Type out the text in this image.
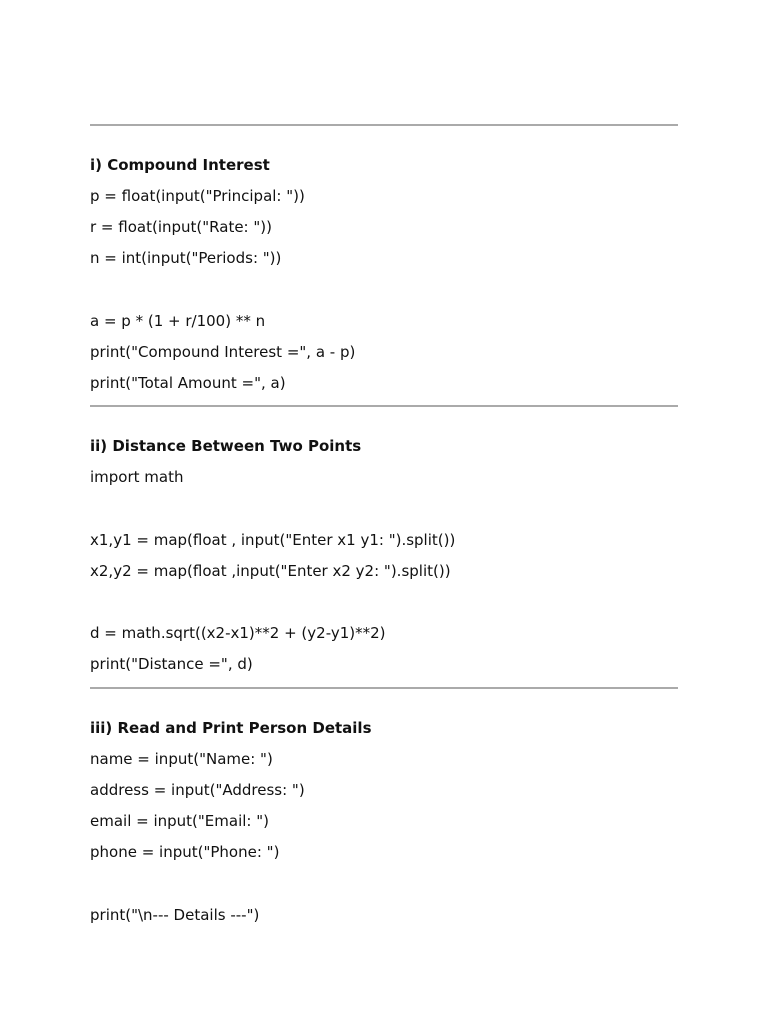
i) Compound Interest
p = float(input("Principal: "))
r = float(input("Rate: "))
n = int(input("Periods: "))
a = p * (1 + r/100) ** n
print("Compound Interest =", a - p)
print("Total Amount =", a)
ii) Distance Between Two Points
import math
x1,y1 = map(float , input("Enter x1 y1: ").split())
x2,y2 = map(float ,input("Enter x2 y2: ").split())
d = math.sqrt((x2-x1)**2 + (y2-y1)**2)
print("Distance =", d)
iii) Read and Print Person Details
name = input("Name: ")
address = input("Address: ")
email = input("Email: ")
phone = input("Phone: ")
print("\n--- Details ---")
